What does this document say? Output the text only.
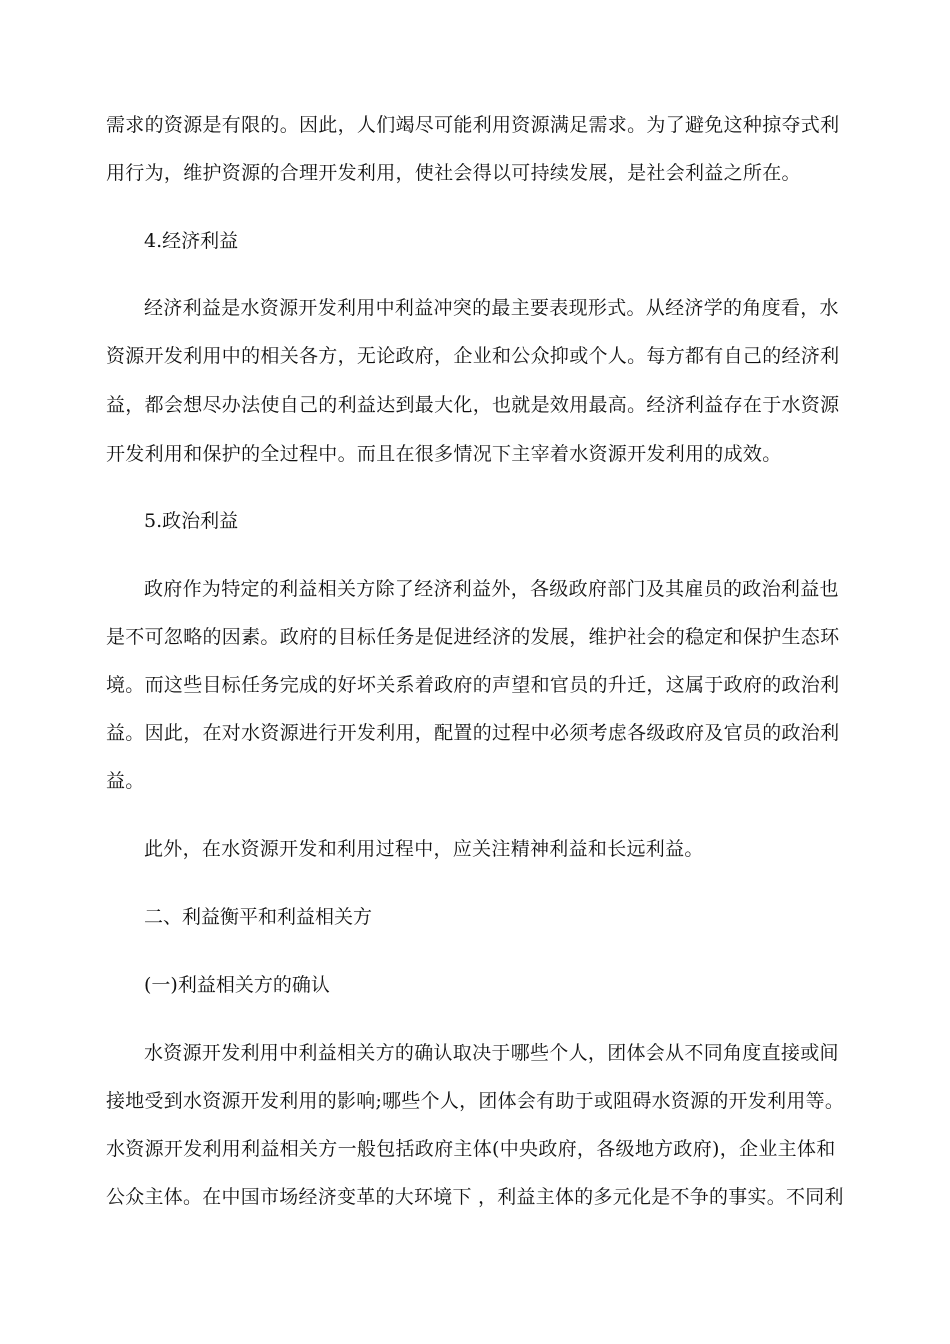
需求的资源是有限的。因此，人们竭尽可能利用资源满足需求。为了避免这种掠夺式利
用行为，维护资源的合理开发利用，使社会得以可持续发展，是社会利益之所在。
4.经济利益
经济利益是水资源开发利用中利益冲突的最主要表现形式。从经济学的角度看，水
资源开发利用中的相关各方，无论政府，企业和公众抑或个人。每方都有自己的经济利
益，都会想尽办法使自己的利益达到最大化，也就是效用最高。经济利益存在于水资源
开发利用和保护的全过程中。而且在很多情况下主宰着水资源开发利用的成效。
5.政治利益
政府作为特定的利益相关方除了经济利益外，各级政府部门及其雇员的政治利益也
是不可忽略的因素。政府的目标任务是促进经济的发展，维护社会的稳定和保护生态环
境。而这些目标任务完成的好坏关系着政府的声望和官员的升迁，这属于政府的政治利
益。因此，在对水资源进行开发利用，配置的过程中必须考虑各级政府及官员的政治利
益。
此外，在水资源开发和利用过程中，应关注精神利益和长远利益。
二、利益衡平和利益相关方
(一)利益相关方的确认
水资源开发利用中利益相关方的确认取决于哪些个人，团体会从不同角度直接或间
接地受到水资源开发利用的影响;哪些个人，团体会有助于或阻碍水资源的开发利用等。
水资源开发利用利益相关方一般包括政府主体(中央政府，各级地方政府)，企业主体和
公众主体。在中国市场经济变革的大环境下 ，利益主体的多元化是不争的事实。不同利
